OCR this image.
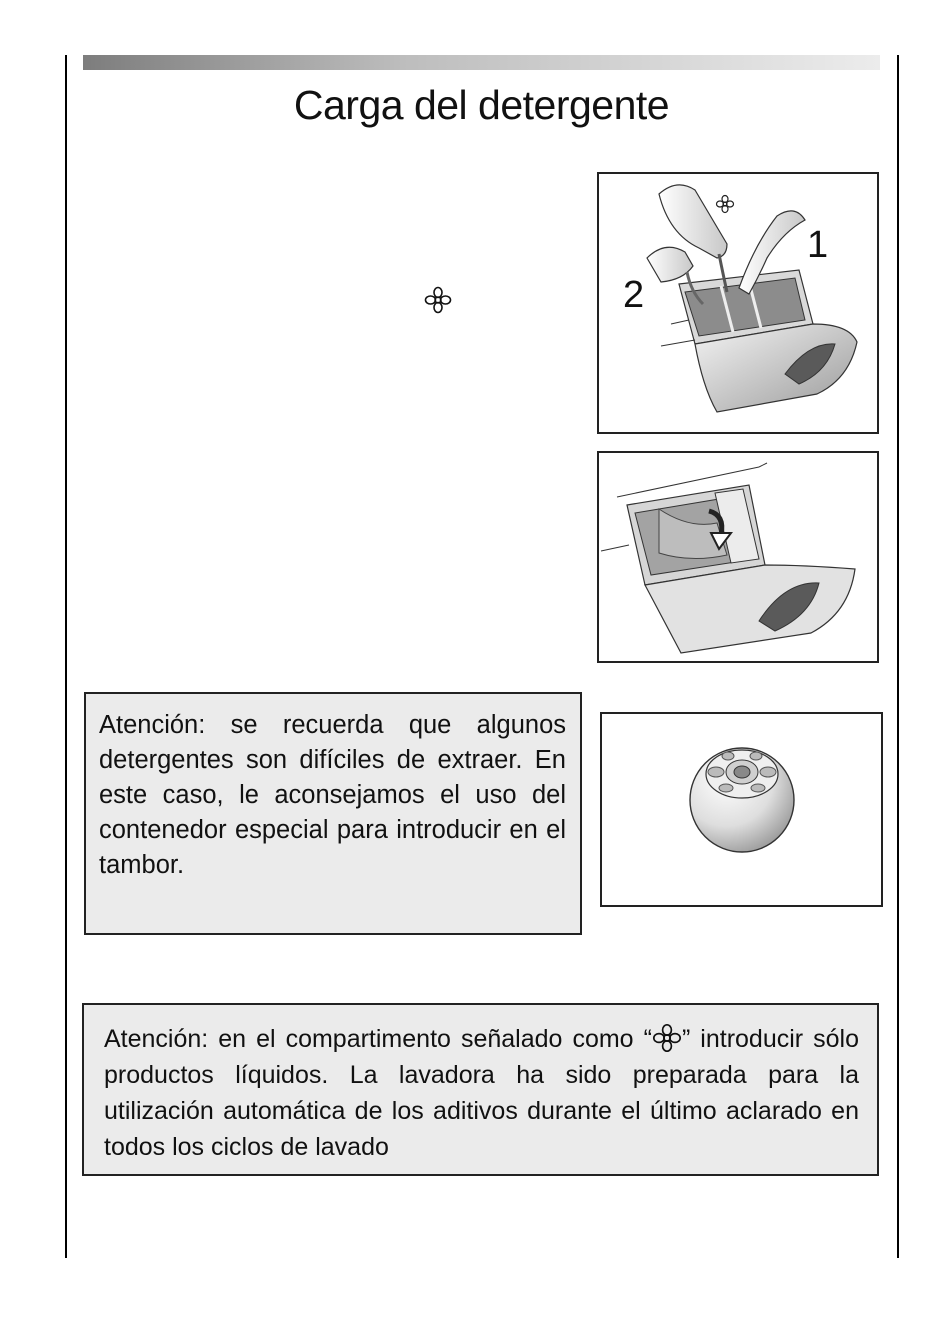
Carga del detergente
1
2

Atención: se recuerda que algunos detergentes son difíciles de extraer. En este caso, le aconsejamos el uso del contenedor especial para introducir en el tambor.

Atención: en el compartimento señalado como “ ” introducir sólo productos líquidos. La lavadora ha sido preparada para la utilización automática de los aditivos durante el último aclarado en todos los ciclos de lavado
